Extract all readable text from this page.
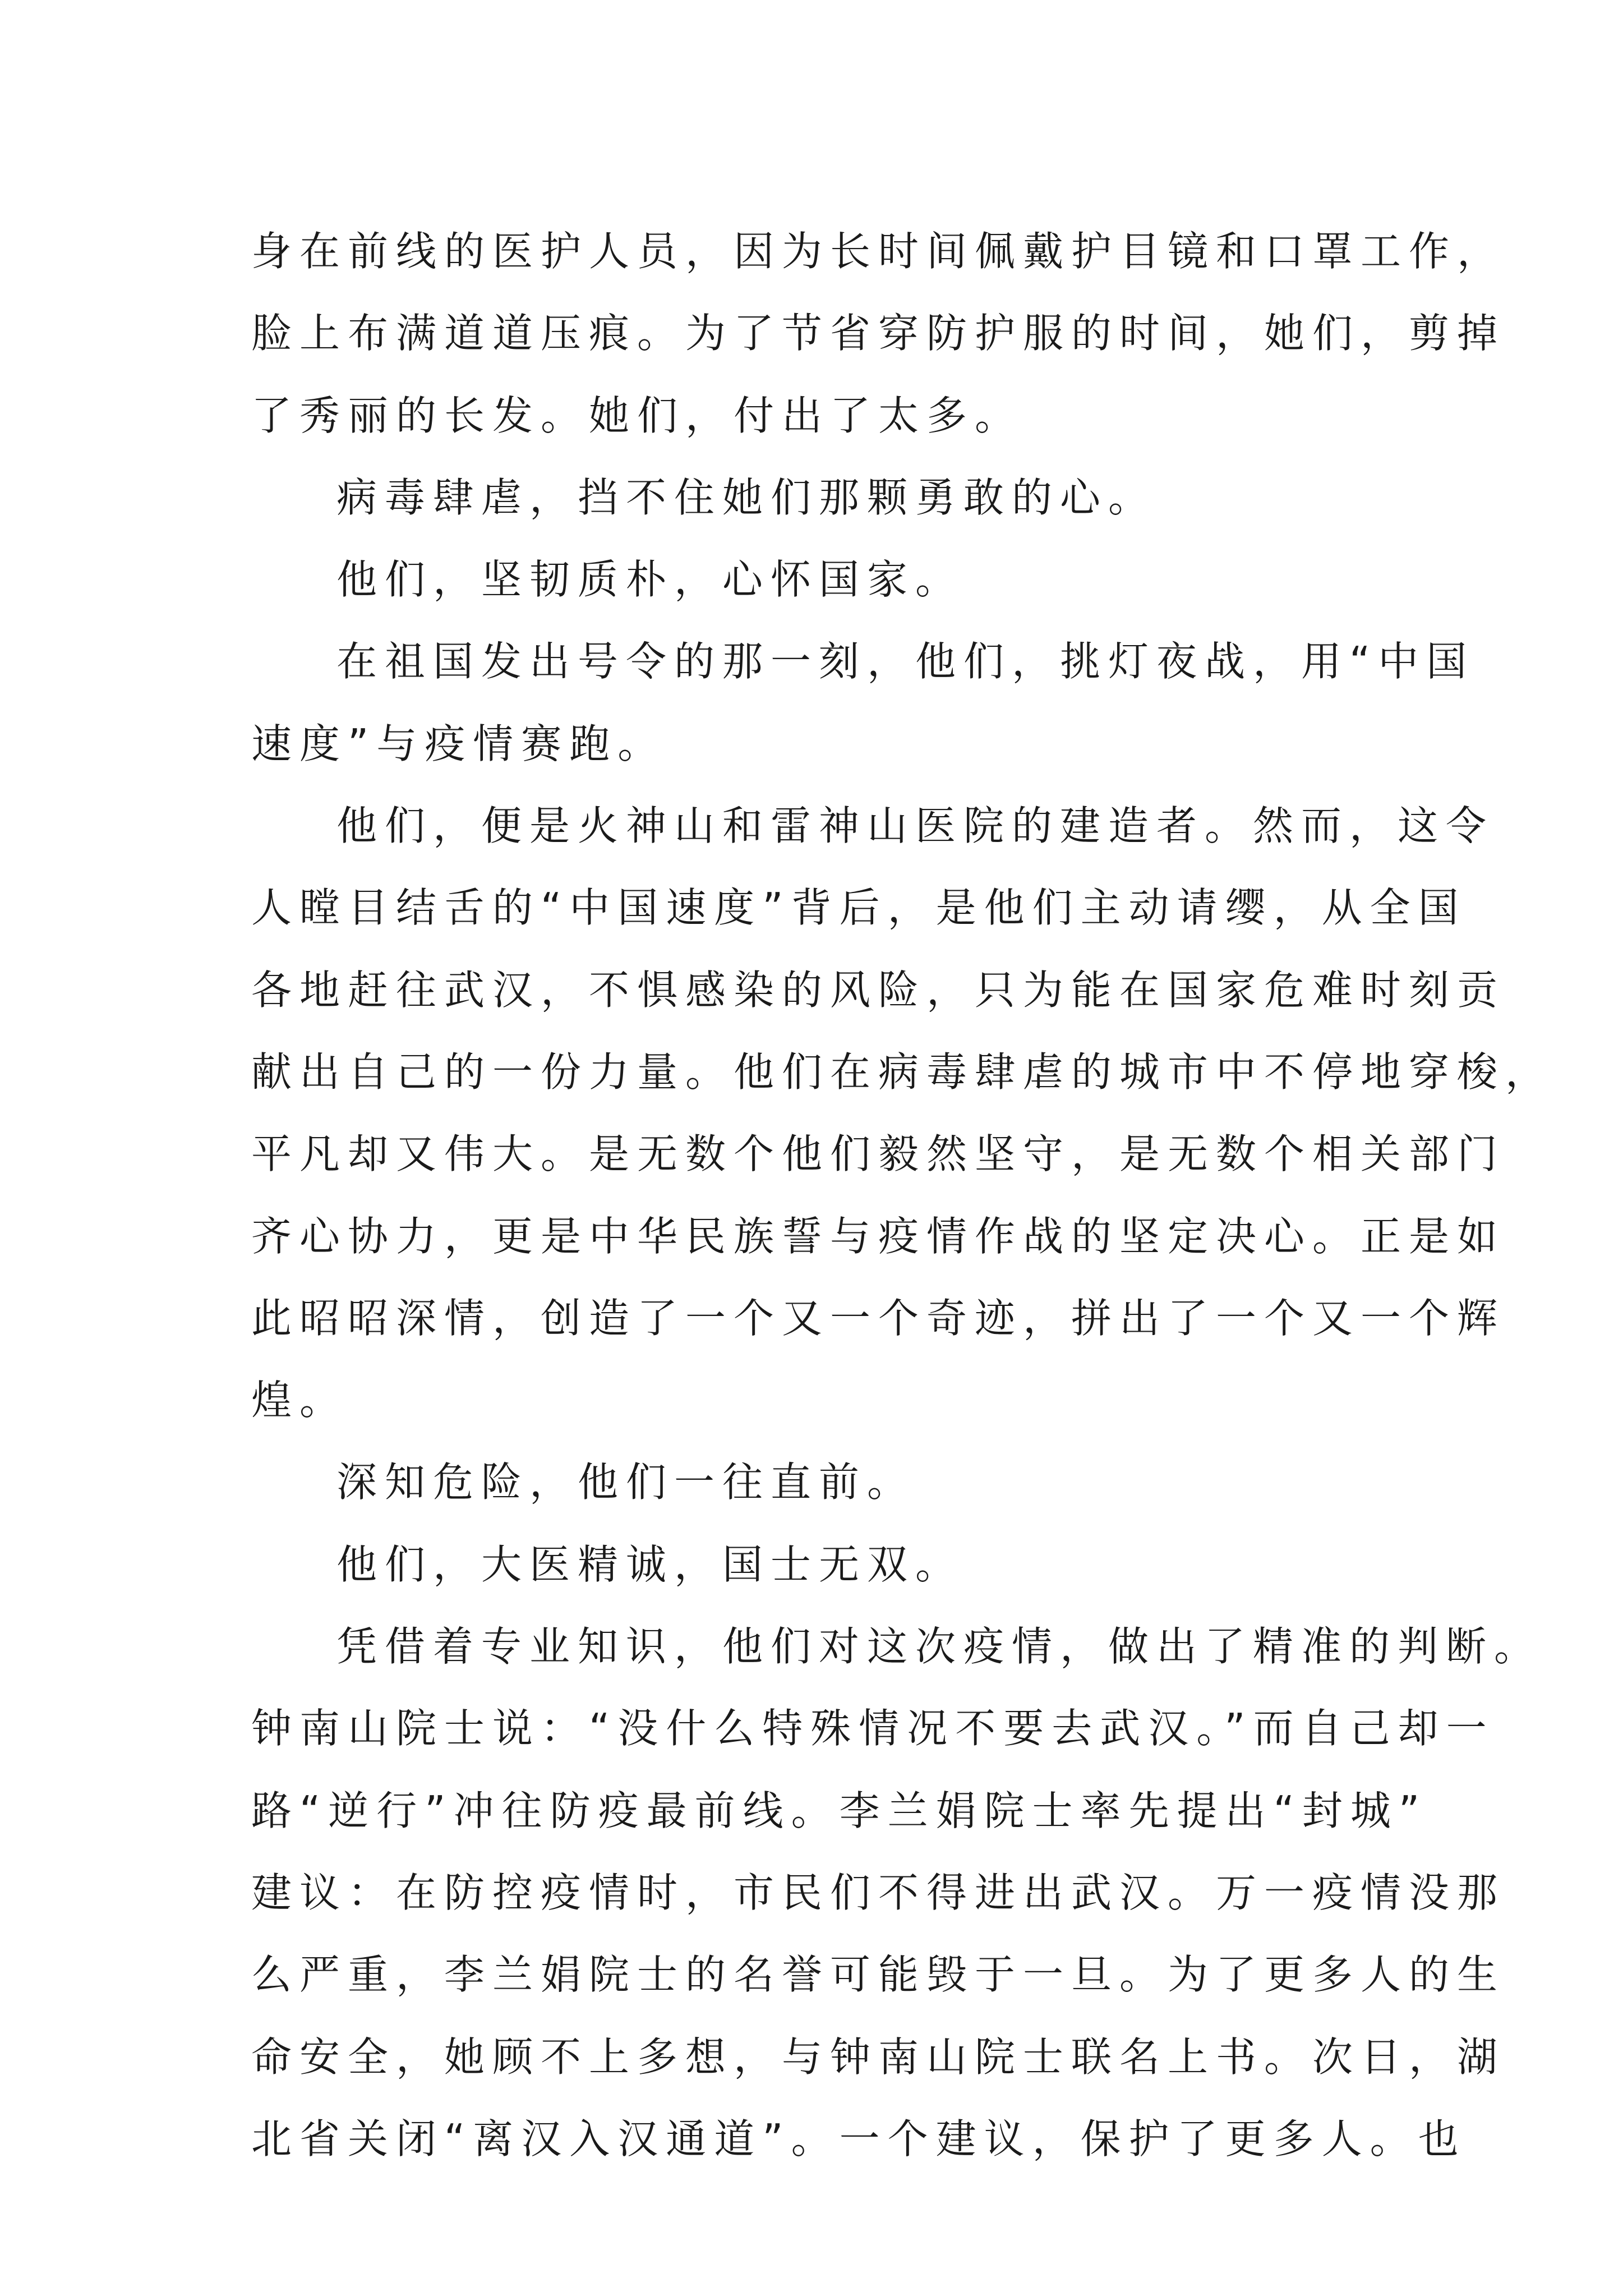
身在前线的医护人员，因为长时间佩戴护目镜和口罩工作，
脸上布满道道压痕。为了节省穿防护服的时间，她们，剪掉
了秀丽的长发。她们，付出了太多。
病毒肆虐，挡不住她们那颗勇敢的心。
他们，坚韧质朴，心怀国家。
在祖国发出号令的那一刻，他们，挑灯夜战，用“中国
速度”与疫情赛跑。
他们，便是火神山和雷神山医院的建造者。然而，这令
人瞠目结舌的“中国速度”背后，是他们主动请缨，从全国
各地赶往武汉，不惧感染的风险，只为能在国家危难时刻贡
献出自己的一份力量。他们在病毒肆虐的城市中不停地穿梭，
平凡却又伟大。是无数个他们毅然坚守，是无数个相关部门
齐心协力，更是中华民族誓与疫情作战的坚定决心。正是如
此昭昭深情，创造了一个又一个奇迹，拼出了一个又一个辉
煌。
深知危险，他们一往直前。
他们，大医精诚，国士无双。
凭借着专业知识，他们对这次疫情，做出了精准的判断。
钟南山院士说：“没什么特殊情况不要去武汉。”而自己却一
路“逆行”冲往防疫最前线。李兰娟院士率先提出“封城”
建议：在防控疫情时，市民们不得进出武汉。万一疫情没那
么严重，李兰娟院士的名誉可能毁于一旦。为了更多人的生
命安全，她顾不上多想，与钟南山院士联名上书。次日，湖
北省关闭“离汉入汉通道”。一个建议，保护了更多人。也
